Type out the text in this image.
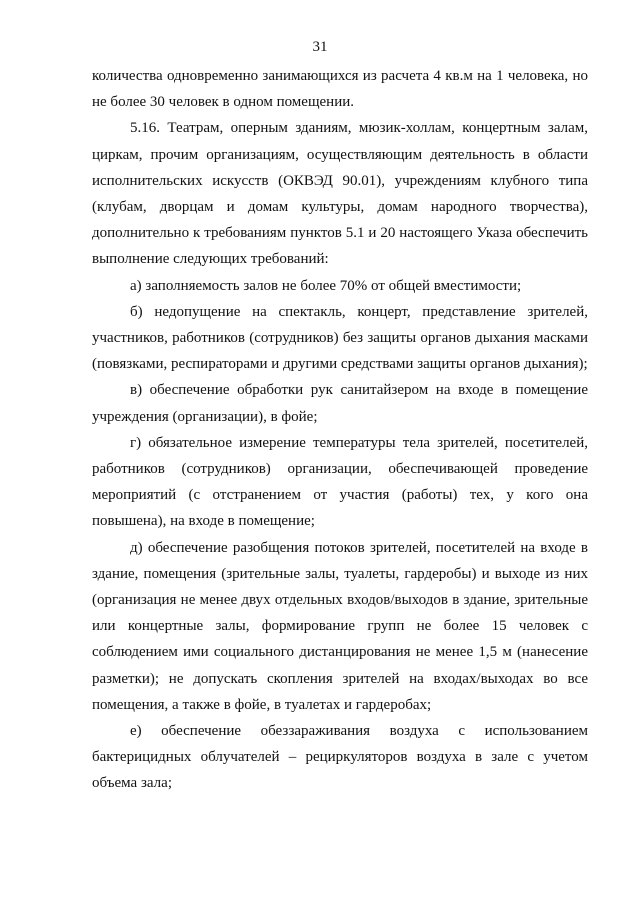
31

количества одновременно занимающихся из расчета 4 кв.м на 1 человека, но не более 30 человек в одном помещении.

5.16. Театрам, оперным зданиям, мюзик-холлам, концертным залам, циркам, прочим организациям, осуществляющим деятельность в области исполнительских искусств (ОКВЭД 90.01), учреждениям клубного типа (клубам, дворцам и домам культуры, домам народного творчества), дополнительно к требованиям пунктов 5.1 и 20 настоящего Указа обеспечить выполнение следующих требований:

а) заполняемость залов не более 70% от общей вместимости;

б) недопущение на спектакль, концерт, представление зрителей, участников, работников (сотрудников) без защиты органов дыхания масками (повязками, респираторами и другими средствами защиты органов дыхания);

в) обеспечение обработки рук санитайзером на входе в помещение учреждения (организации), в фойе;

г) обязательное измерение температуры тела зрителей, посетителей, работников (сотрудников) организации, обеспечивающей проведение мероприятий (с отстранением от участия (работы) тех, у кого она повышена), на входе в помещение;

д) обеспечение разобщения потоков зрителей, посетителей на входе в здание, помещения (зрительные залы, туалеты, гардеробы) и выходе из них (организация не менее двух отдельных входов/выходов в здание, зрительные или концертные залы, формирование групп не более 15 человек с соблюдением ими социального дистанцирования не менее 1,5 м (нанесение разметки); не допускать скопления зрителей на входах/выходах во все помещения, а также в фойе, в туалетах и гардеробах;

е) обеспечение обеззараживания воздуха с использованием бактерицидных облучателей – рециркуляторов воздуха в зале с учетом объема зала;
